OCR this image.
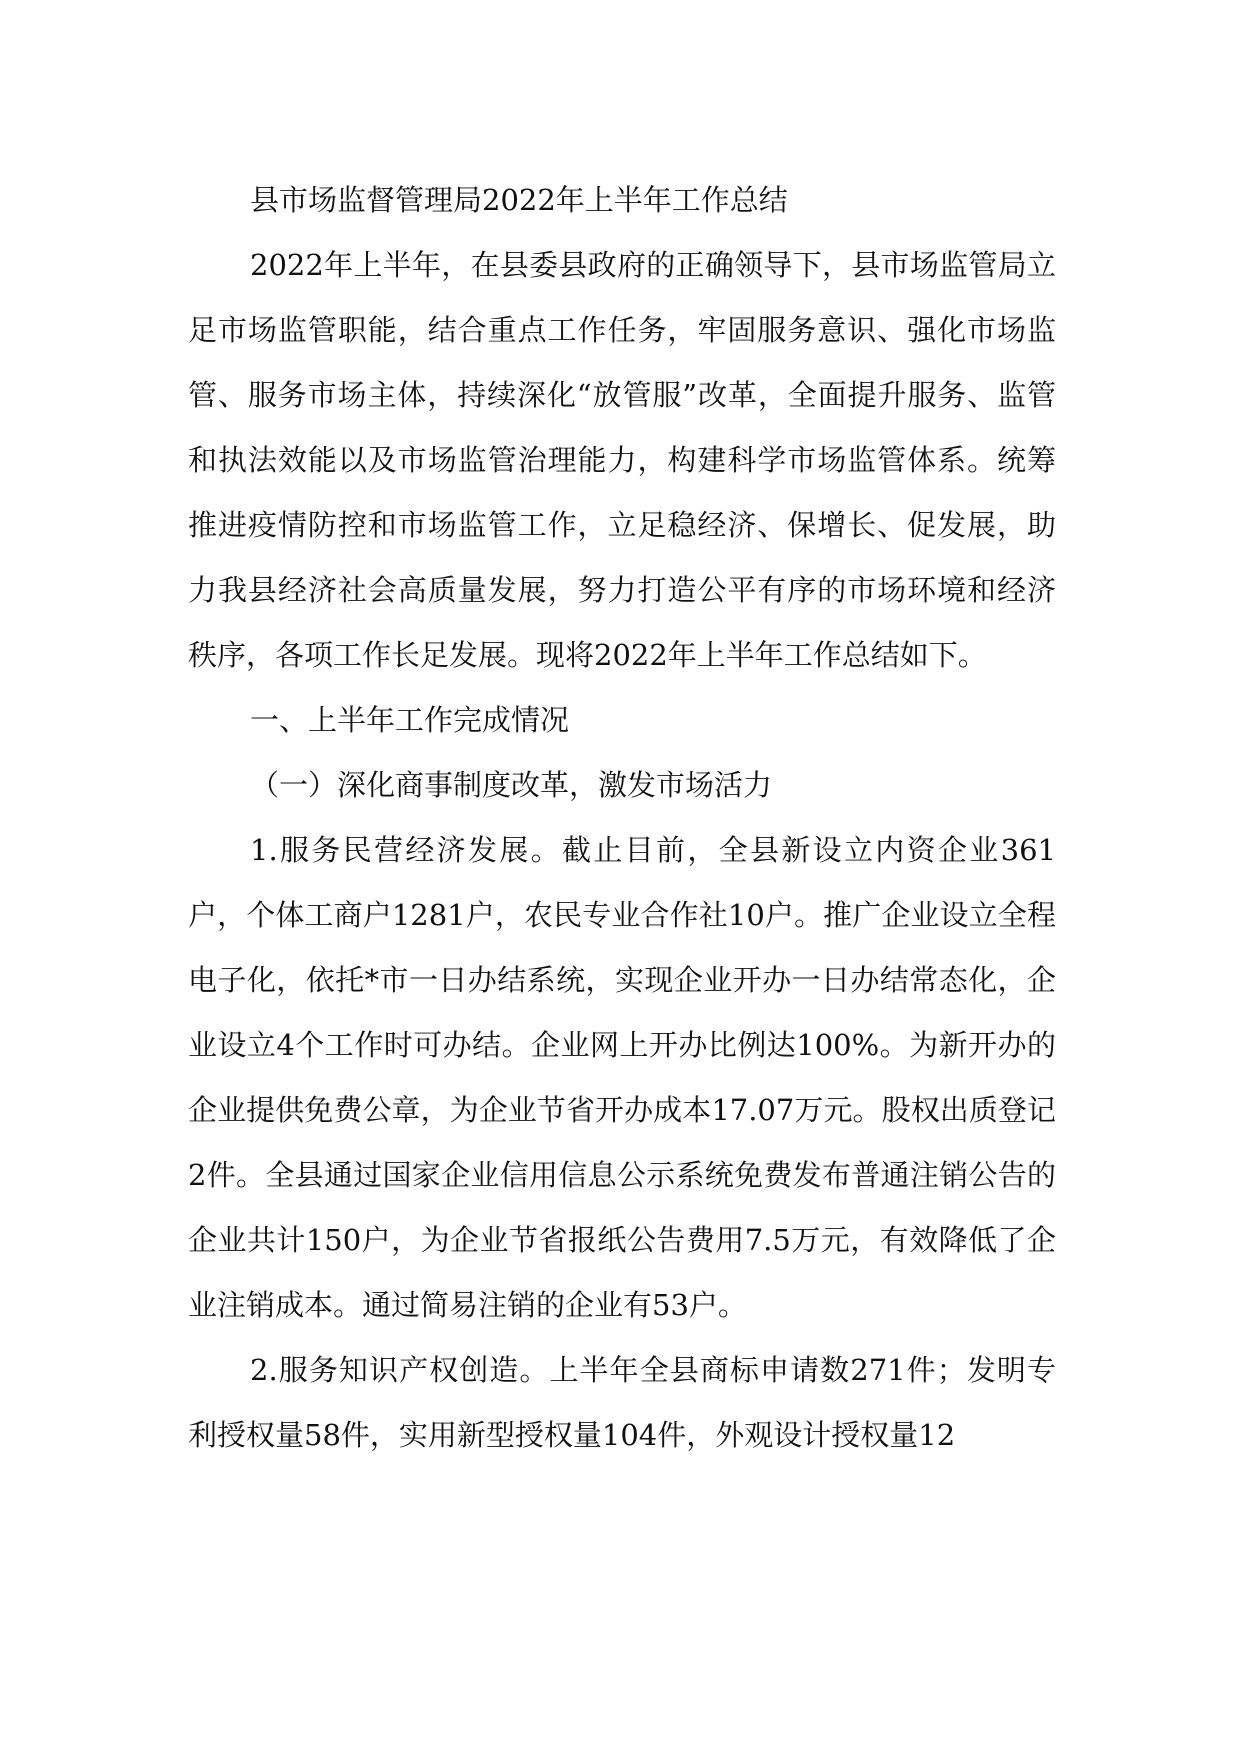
县市场监督管理局2022年上半年工作总结

2022年上半年，在县委县政府的正确领导下，县市场监管局立足市场监管职能，结合重点工作任务，牢固服务意识、强化市场监管、服务市场主体，持续深化“放管服”改革，全面提升服务、监管和执法效能以及市场监管治理能力，构建科学市场监管体系。统筹推进疫情防控和市场监管工作，立足稳经济、保增长、促发展，助力我县经济社会高质量发展，努力打造公平有序的市场环境和经济秩序，各项工作长足发展。现将2022年上半年工作总结如下。

一、上半年工作完成情况

（一）深化商事制度改革，激发市场活力

1.服务民营经济发展。截止目前，全县新设立内资企业361户，个体工商户1281户，农民专业合作社10户。推广企业设立全程电子化，依托*市一日办结系统，实现企业开办一日办结常态化，企业设立4个工作时可办结。企业网上开办比例达100%。为新开办的企业提供免费公章，为企业节省开办成本17.07万元。股权出质登记2件。全县通过国家企业信用信息公示系统免费发布普通注销公告的企业共计150户，为企业节省报纸公告费用7.5万元，有效降低了企业注销成本。通过简易注销的企业有53户。

2.服务知识产权创造。上半年全县商标申请数271件；发明专利授权量58件，实用新型授权量104件，外观设计授权量12
